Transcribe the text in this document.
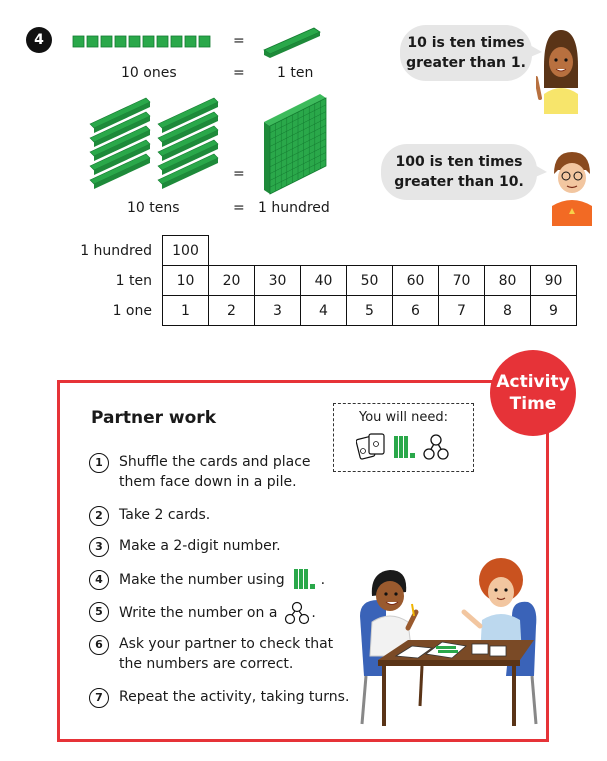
4	=
10 ones	= 1 ten
=
10 tens	= 1 hundred
10 is ten times
greater than 1.
100 is ten times
greater than 10.
1 hundred	100								
1 ten	10	20	30	40	50	60	70	80	90
1 one	1	2	3	4	5	6	7	8	9
Activity
Time
Partner work	You will need:
1	Shuffle the cards and place
them face down in a pile.
2	Take 2 cards.
3	Make a 2-digit number.
4	Make the number using	.
5	Write the number on a .
6	Ask your partner to check that
the numbers are correct.
7	Repeat the activity, taking turns.
